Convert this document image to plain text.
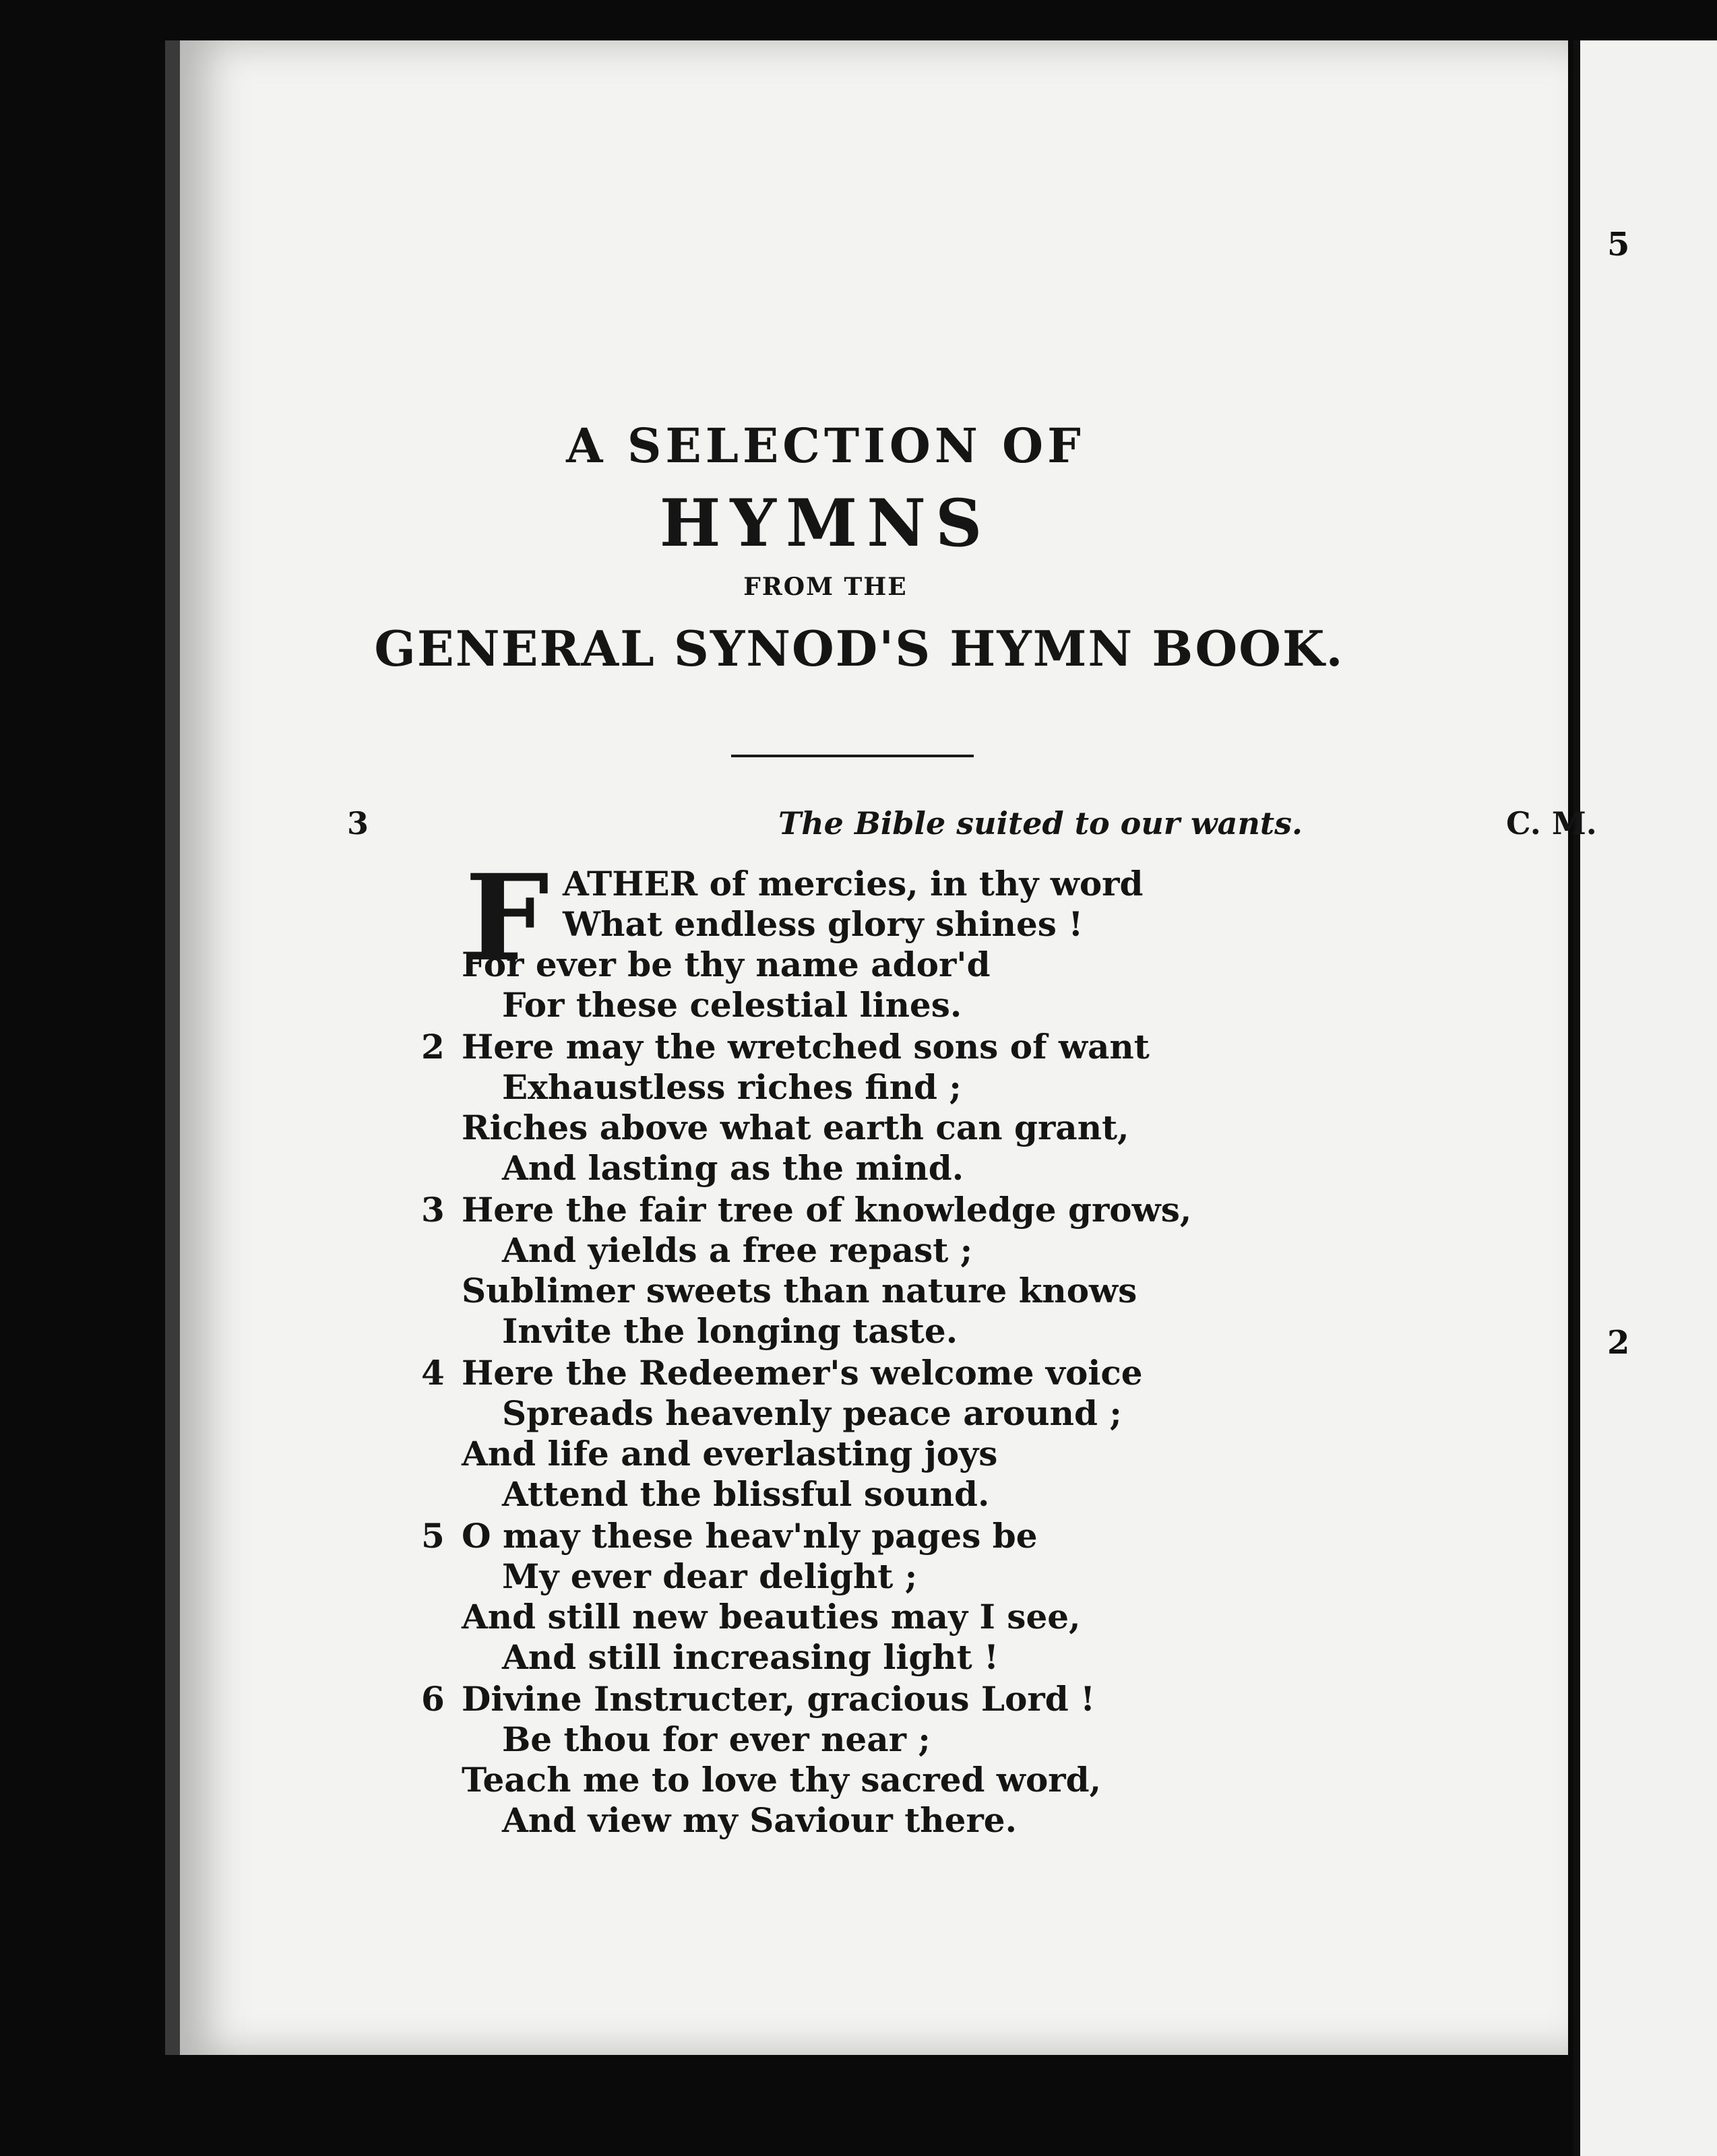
5
2
A SELECTION OF
HYMNS
FROM THE
GENERAL SYNOD'S HYMN BOOK.
3	The Bible suited to our wants.	C. M.
F ATHER of mercies, in thy word
What endless glory shines !
For ever be thy name ador'd
For these celestial lines.
2 Here may the wretched sons of want
Exhaustless riches find ;
Riches above what earth can grant,
And lasting as the mind.
3 Here the fair tree of knowledge grows,
And yields a free repast ;
Sublimer sweets than nature knows
Invite the longing taste.
4 Here the Redeemer's welcome voice
Spreads heavenly peace around ;
And life and everlasting joys
Attend the blissful sound.
5 O may these heav'nly pages be
My ever dear delight ;
And still new beauties may I see,
And still increasing light !
6 Divine Instructer, gracious Lord !
Be thou for ever near ;
Teach me to love thy sacred word,
And view my Saviour there.
